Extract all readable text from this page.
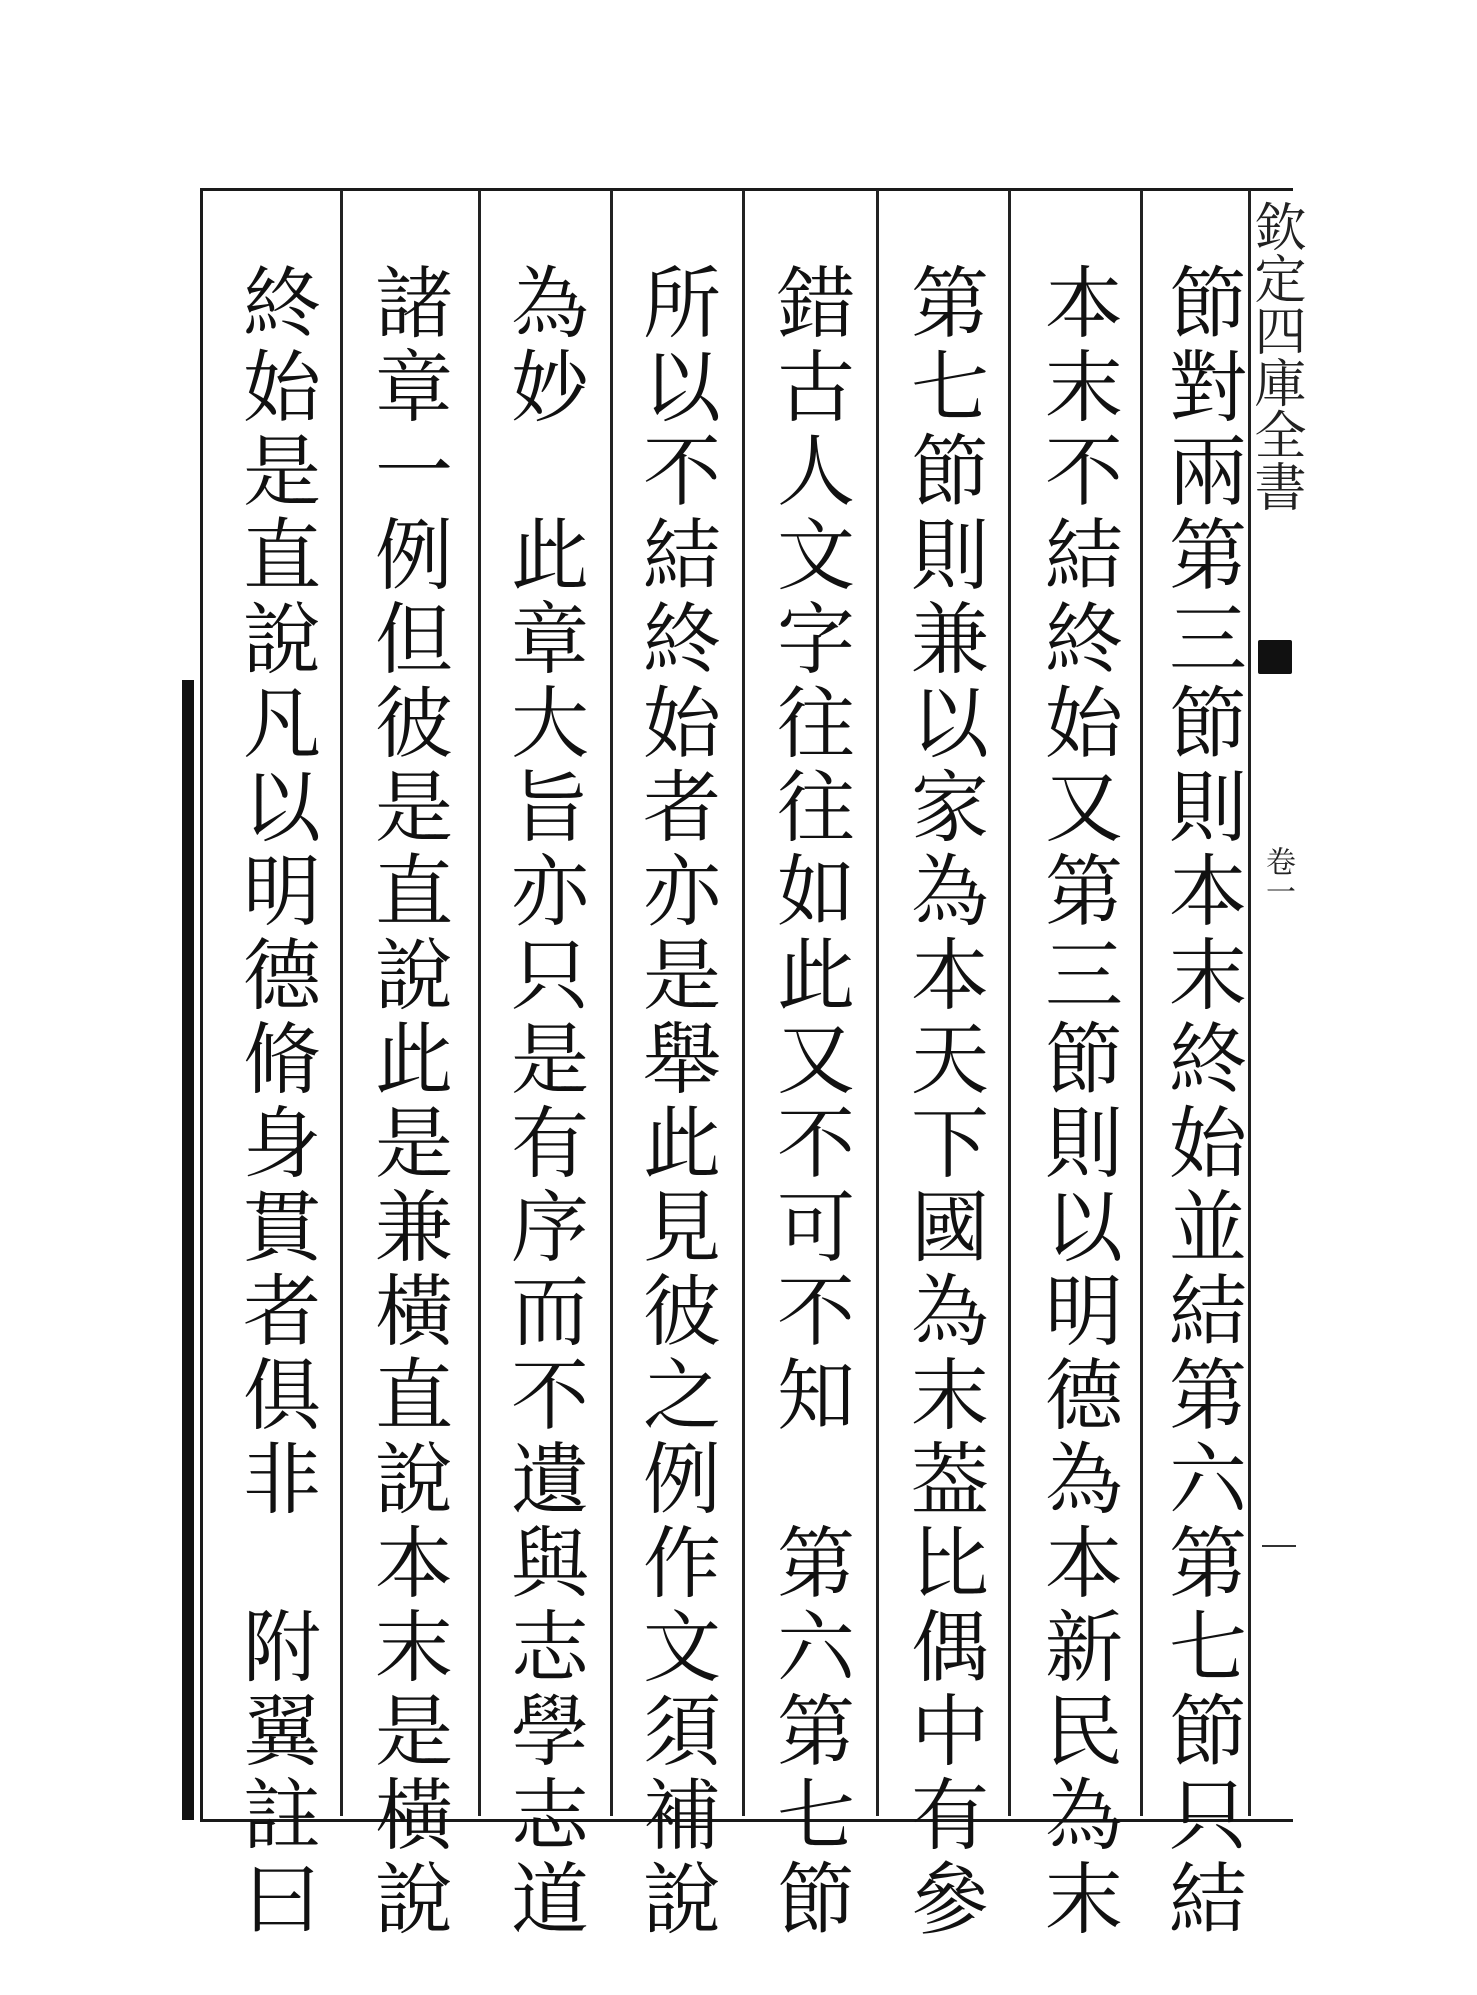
欽定四庫全書
卷一
節對兩第三節則本末終始並結第六第七節只結
本末不結終始又第三節則以明德為本新民為末
第七節則兼以家為本天下國為末葢比偶中有參
錯古人文字往往如此又不可不知　第六第七節
所以不結終始者亦是舉此見彼之例作文須補說
為妙　此章大旨亦只是有序而不遺與志學志道
諸章一例但彼是直說此是兼橫直說本末是橫說
終始是直說凡以明德脩身貫者俱非　附翼註曰
